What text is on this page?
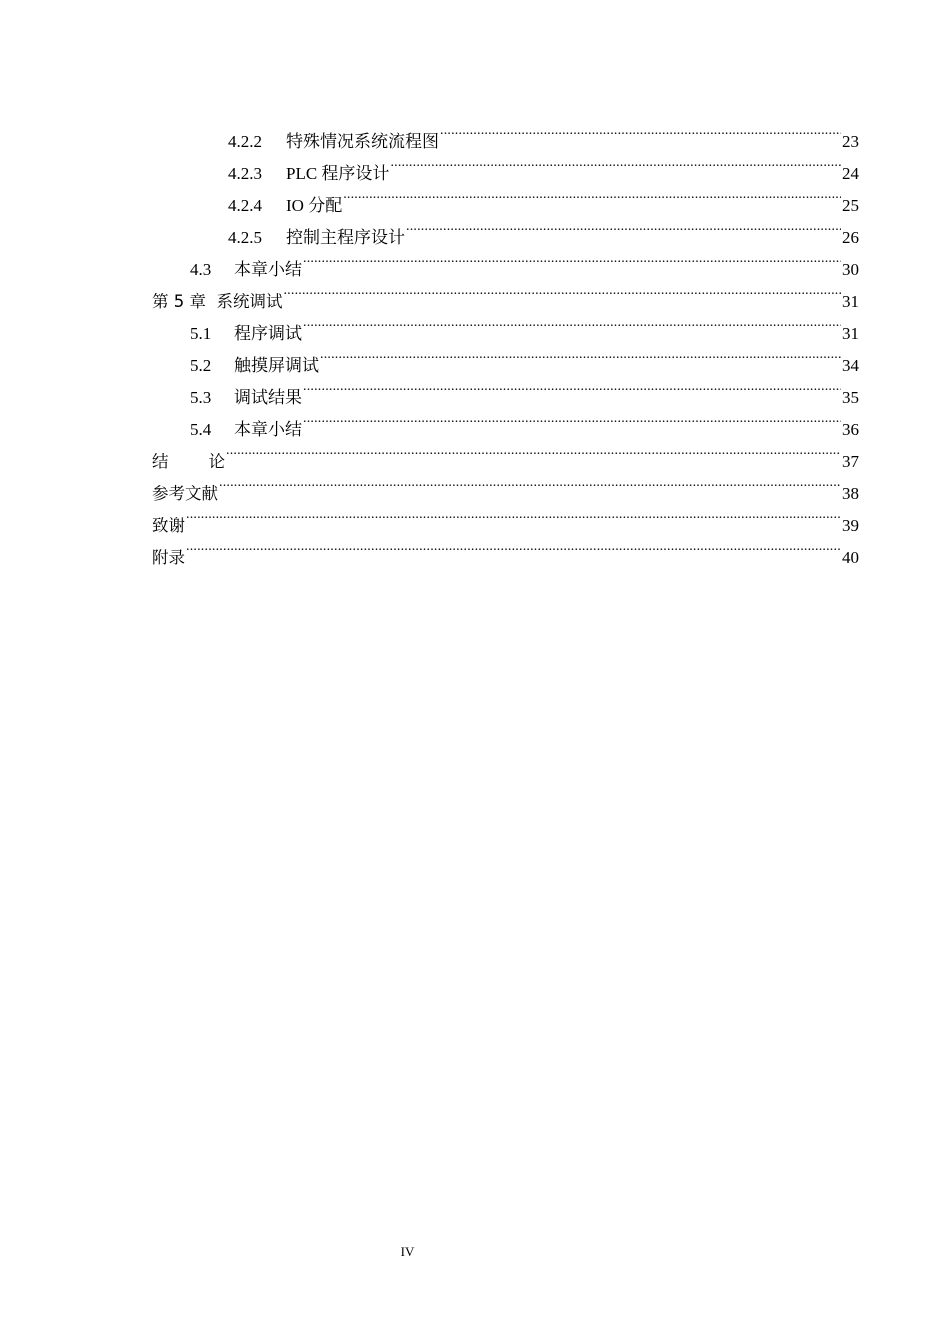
4.2.2	特殊情况系统流程图 .....	23
4.2.3	PLC 程序设计 .....	24
4.2.4	IO 分配 .....	25
4.2.5	控制主程序设计 .....	26
4.3	本章小结 .....	30
第 5 章  系统调试 .....	31
5.1	程序调试 .....	31
5.2	触摸屏调试 .....	34
5.3	调试结果 .....	35
5.4	本章小结 .....	36
结 论 .....	37
参考文献 .....	38
致谢 .....	39
附录 .....	40
IV
